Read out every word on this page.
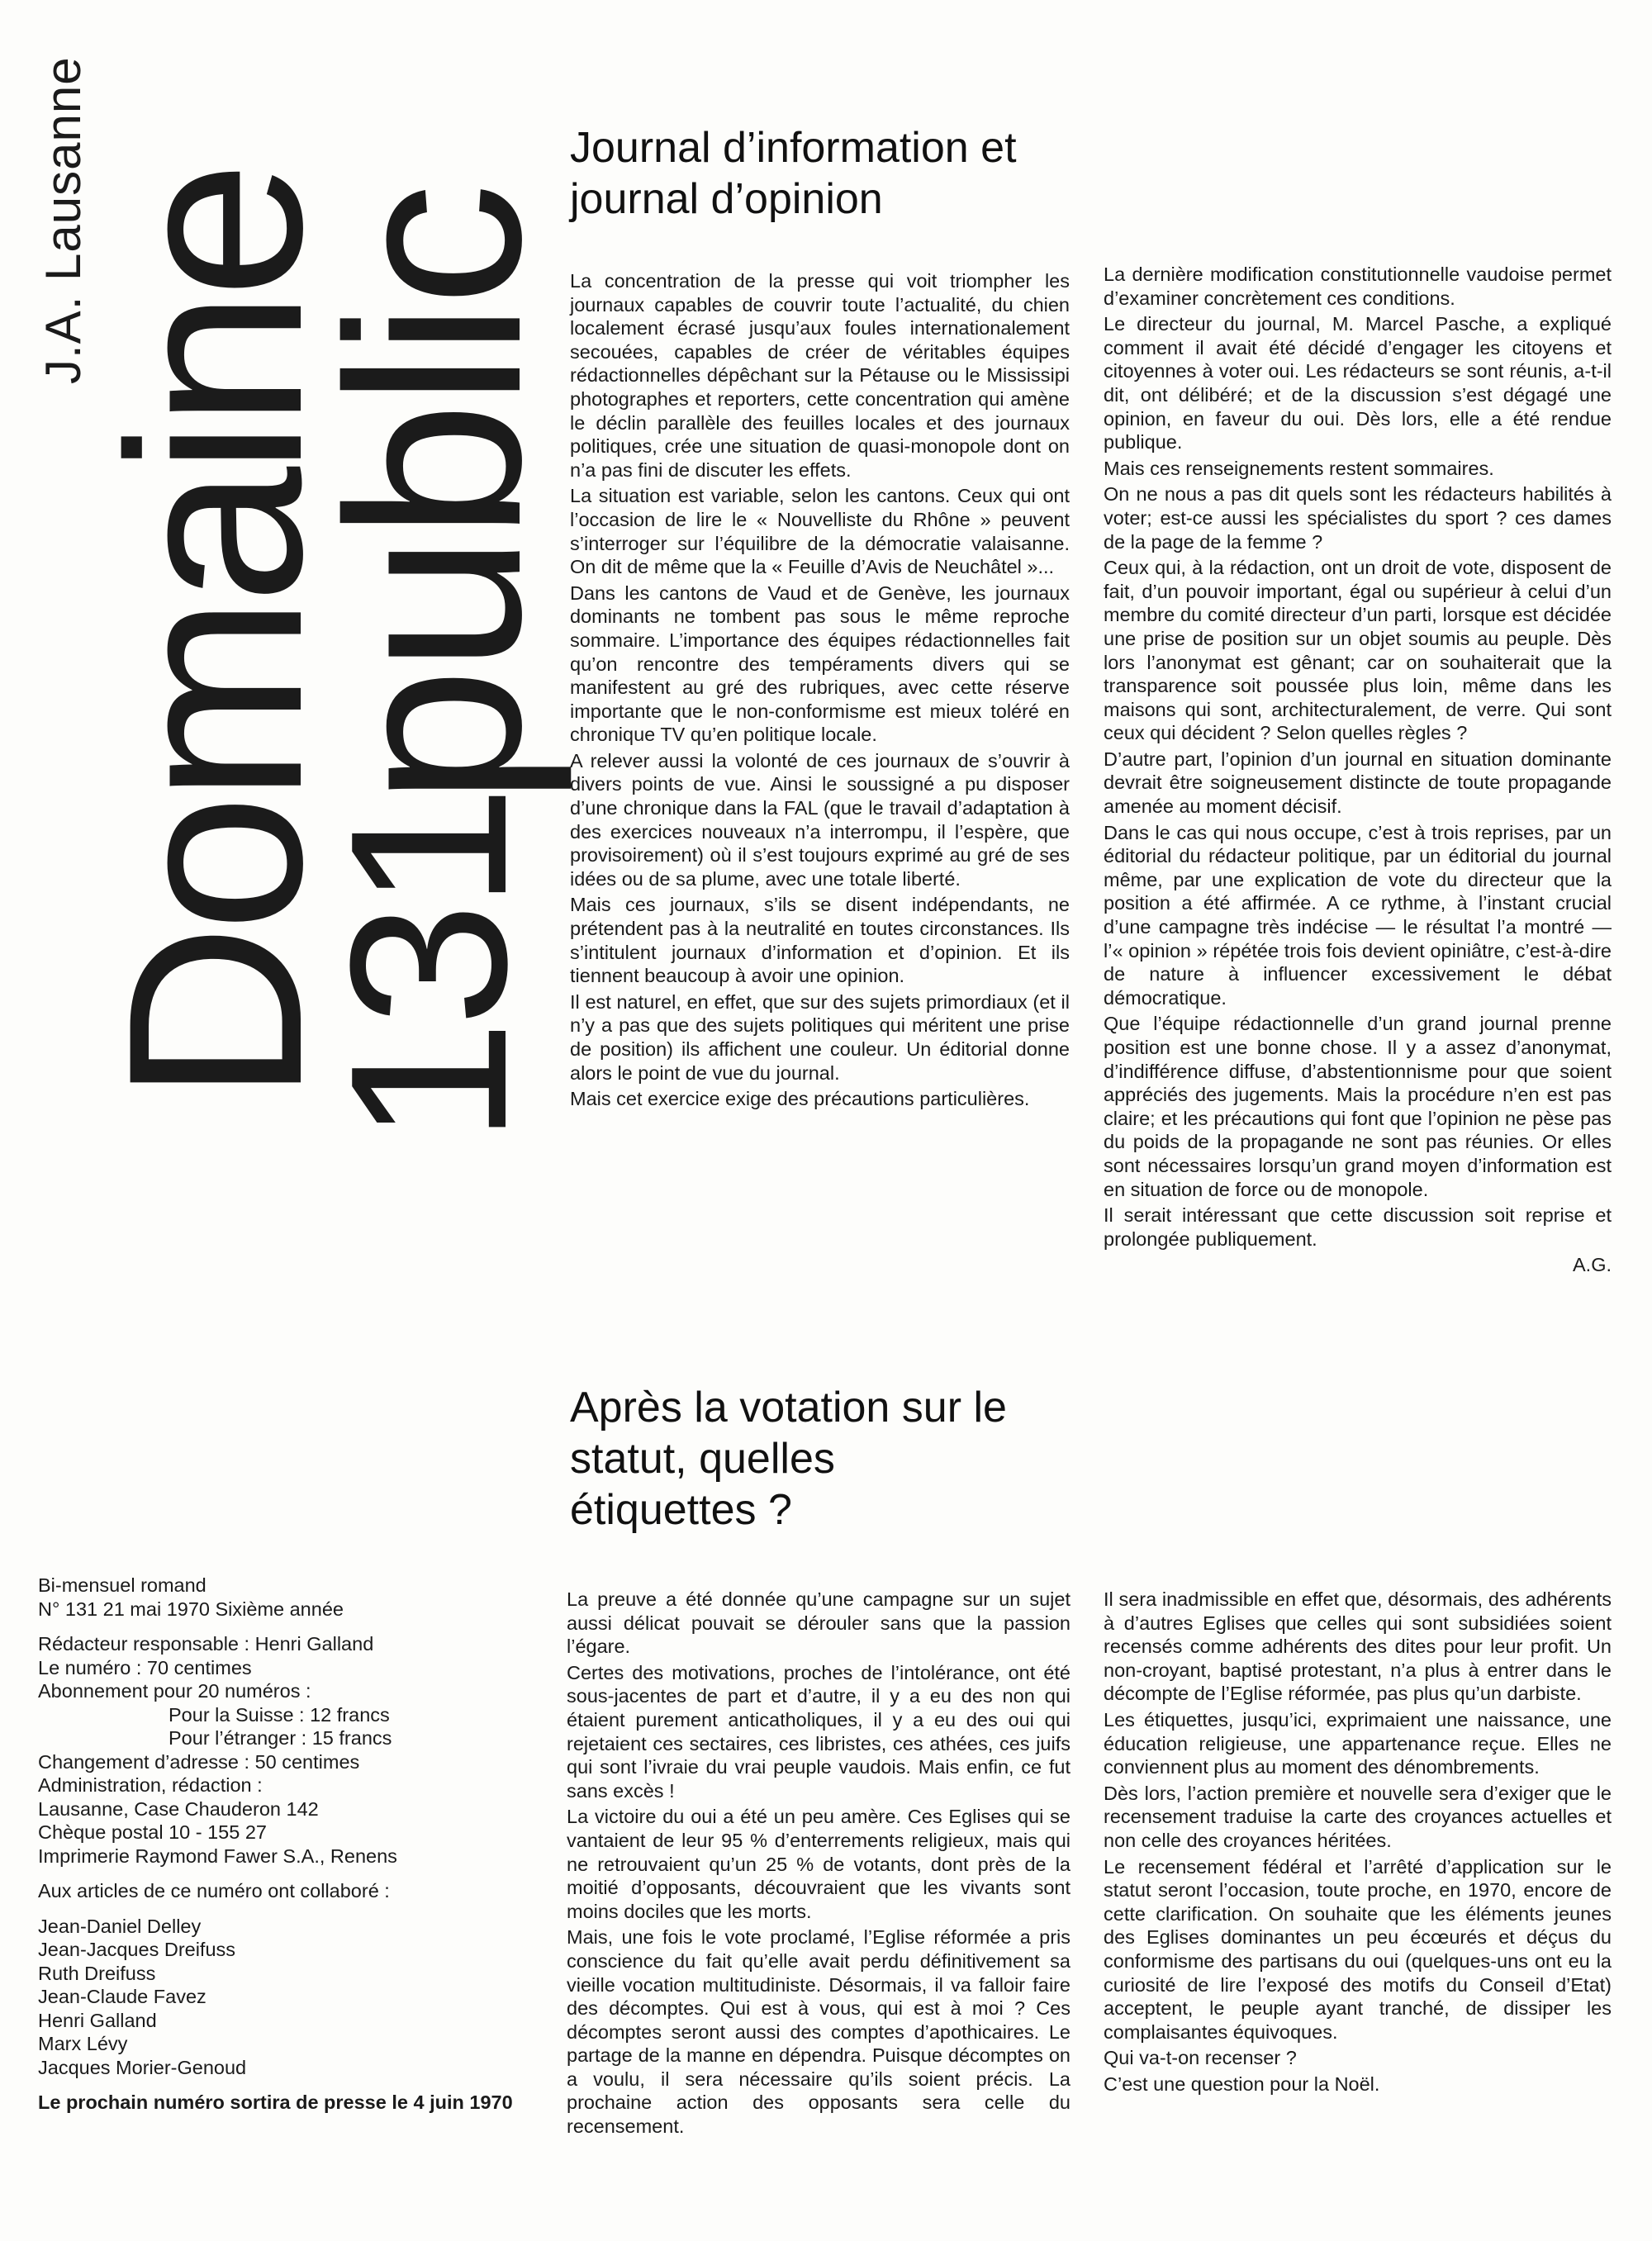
J.A. Lausanne
Domaine
public
131
Journal d’information et journal d’opinion

La concentration de la presse qui voit triompher les journaux capables de couvrir toute l’actualité, du chien localement écrasé jusqu’aux foules internationalement secouées, capables de créer de véritables équipes rédactionnelles dépêchant sur la Pétause ou le Mississipi photographes et reporters, cette concentration qui amène le déclin parallèle des feuilles locales et des journaux politiques, crée une situation de quasi-monopole dont on n’a pas fini de discuter les effets.

La situation est variable, selon les cantons. Ceux qui ont l’occasion de lire le « Nouvelliste du Rhône » peuvent s’interroger sur l’équilibre de la démocratie valaisanne. On dit de même que la « Feuille d’Avis de Neuchâtel »...

Dans les cantons de Vaud et de Genève, les journaux dominants ne tombent pas sous le même reproche sommaire. L’importance des équipes rédactionnelles fait qu’on rencontre des tempéraments divers qui se manifestent au gré des rubriques, avec cette réserve importante que le non-conformisme est mieux toléré en chronique TV qu’en politique locale.

A relever aussi la volonté de ces journaux de s’ouvrir à divers points de vue. Ainsi le soussigné a pu disposer d’une chronique dans la FAL (que le travail d’adaptation à des exercices nouveaux n’a interrompu, il l’espère, que provisoirement) où il s’est toujours exprimé au gré de ses idées ou de sa plume, avec une totale liberté.

Mais ces journaux, s’ils se disent indépendants, ne prétendent pas à la neutralité en toutes circonstances. Ils s’intitulent journaux d’information et d’opinion. Et ils tiennent beaucoup à avoir une opinion.

Il est naturel, en effet, que sur des sujets primordiaux (et il n’y a pas que des sujets politiques qui méritent une prise de position) ils affichent une couleur. Un éditorial donne alors le point de vue du journal.

Mais cet exercice exige des précautions particulières.

La dernière modification constitutionnelle vaudoise permet d’examiner concrètement ces conditions.

Le directeur du journal, M. Marcel Pasche, a expliqué comment il avait été décidé d’engager les citoyens et citoyennes à voter oui. Les rédacteurs se sont réunis, a-t-il dit, ont délibéré; et de la discussion s’est dégagé une opinion, en faveur du oui. Dès lors, elle a été rendue publique.

Mais ces renseignements restent sommaires.

On ne nous a pas dit quels sont les rédacteurs habilités à voter; est-ce aussi les spécialistes du sport ? ces dames de la page de la femme ?

Ceux qui, à la rédaction, ont un droit de vote, disposent de fait, d’un pouvoir important, égal ou supérieur à celui d’un membre du comité directeur d’un parti, lorsque est décidée une prise de position sur un objet soumis au peuple. Dès lors l’anonymat est gênant; car on souhaiterait que la transparence soit poussée plus loin, même dans les maisons qui sont, architecturalement, de verre. Qui sont ceux qui décident ? Selon quelles règles ?

D’autre part, l’opinion d’un journal en situation dominante devrait être soigneusement distincte de toute propagande amenée au moment décisif.

Dans le cas qui nous occupe, c’est à trois reprises, par un éditorial du rédacteur politique, par un éditorial du journal même, par une explication de vote du directeur que la position a été affirmée. A ce rythme, à l’instant crucial d’une campagne très indécise — le résultat l’a montré — l’« opinion » répétée trois fois devient opiniâtre, c’est-à-dire de nature à influencer excessivement le débat démocratique.

Que l’équipe rédactionnelle d’un grand journal prenne position est une bonne chose. Il y a assez d’anonymat, d’indifférence diffuse, d’abstentionnisme pour que soient appréciés des jugements. Mais la procédure n’en est pas claire; et les précautions qui font que l’opinion ne pèse pas du poids de la propagande ne sont pas réunies. Or elles sont nécessaires lorsqu’un grand moyen d’information est en situation de force ou de monopole.

Il serait intéressant que cette discussion soit reprise et prolongée publiquement.

A.G.
Après la votation sur le statut, quelles étiquettes ?

La preuve a été donnée qu’une campagne sur un sujet aussi délicat pouvait se dérouler sans que la passion l’égare.

Certes des motivations, proches de l’intolérance, ont été sous-jacentes de part et d’autre, il y a eu des non qui étaient purement anticatholiques, il y a eu des oui qui rejetaient ces sectaires, ces libristes, ces athées, ces juifs qui sont l’ivraie du vrai peuple vaudois. Mais enfin, ce fut sans excès !

La victoire du oui a été un peu amère. Ces Eglises qui se vantaient de leur 95 % d’enterrements religieux, mais qui ne retrouvaient qu’un 25 % de votants, dont près de la moitié d’opposants, découvraient que les vivants sont moins dociles que les morts.

Mais, une fois le vote proclamé, l’Eglise réformée a pris conscience du fait qu’elle avait perdu définitivement sa vieille vocation multitudiniste. Désormais, il va falloir faire des décomptes. Qui est à vous, qui est à moi ? Ces décomptes seront aussi des comptes d’apothicaires. Le partage de la manne en dépendra. Puisque décomptes on a voulu, il sera nécessaire qu’ils soient précis. La prochaine action des opposants sera celle du recensement.

Il sera inadmissible en effet que, désormais, des adhérents à d’autres Eglises que celles qui sont subsidiées soient recensés comme adhérents des dites pour leur profit. Un non-croyant, baptisé protestant, n’a plus à entrer dans le décompte de l’Eglise réformée, pas plus qu’un darbiste.

Les étiquettes, jusqu’ici, exprimaient une naissance, une éducation religieuse, une appartenance reçue. Elles ne conviennent plus au moment des dénombrements.

Dès lors, l’action première et nouvelle sera d’exiger que le recensement traduise la carte des croyances actuelles et non celle des croyances héritées.

Le recensement fédéral et l’arrêté d’application sur le statut seront l’occasion, toute proche, en 1970, encore de cette clarification. On souhaite que les éléments jeunes des Eglises dominantes un peu écœurés et déçus du conformisme des partisans du oui (quelques-uns ont eu la curiosité de lire l’exposé des motifs du Conseil d’Etat) acceptent, le peuple ayant tranché, de dissiper les complaisantes équivoques.

Qui va-t-on recenser ?

C’est une question pour la Noël.

Bi-mensuel romand
N° 131 21 mai 1970 Sixième année
Rédacteur responsable : Henri Galland
Le numéro : 70 centimes
Abonnement pour 20 numéros :
Pour la Suisse : 12 francs
Pour l’étranger : 15 francs
Changement d’adresse : 50 centimes
Administration, rédaction :
Lausanne, Case Chauderon 142
Chèque postal 10 - 155 27
Imprimerie Raymond Fawer S.A., Renens
Aux articles de ce numéro ont collaboré :
Jean-Daniel Delley
Jean-Jacques Dreifuss
Ruth Dreifuss
Jean-Claude Favez
Henri Galland
Marx Lévy
Jacques Morier-Genoud
Le prochain numéro sortira de presse le 4 juin 1970
